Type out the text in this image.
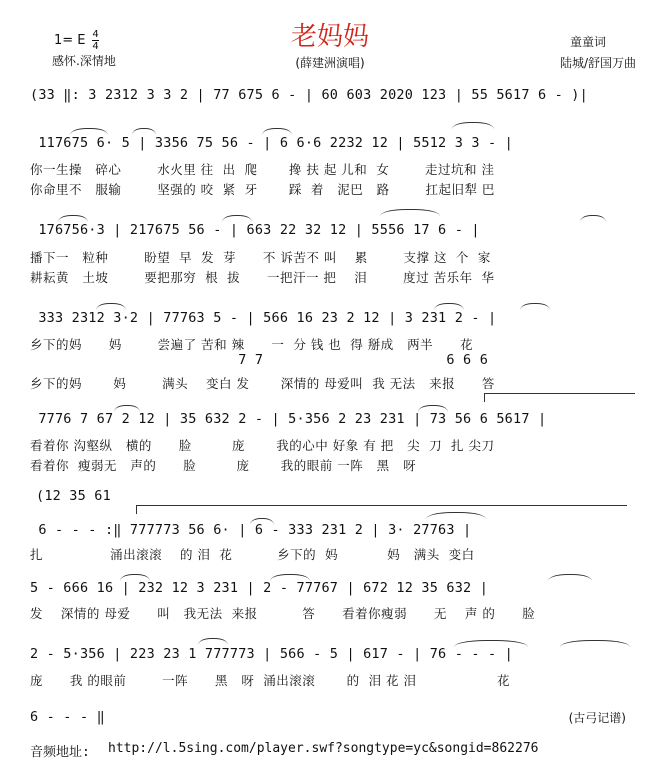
老妈妈
1= E 4
4
感怀.深情地	(薛建洲演唱)
童童词
陆城/舒国万曲
(33 ‖: 3 2312 3 3 2 | 77 675 6 - | 60 603 2020 123 | 55 5617 6 - )|
117675 6· 5 | 3356 75 56 - | 6 6·6 2232 12 | 5512 3 3 - |
你一生操   碎心        水火里 往  出  爬       搀 扶 起 儿和  女        走过坑和 洼
你命里不   服输        坚强的 咬  紧  牙       踩  着   泥巴   路        扛起旧犁 巴
176756·3 | 217675 56 - | 663 22 32 12 | 5556 17 6 - |
播下一   粒种        盼望  早  发  芽      不 诉苦不 叫    累        支撑 这  个  家
耕耘黄   土坡        要把那穷  根  拔      一把汗一 把    泪        度过 苦乐年  华
333 2312 3·2 | 77763 5 - | 566 16 23 2 12 | 3 231 2 - |
乡下的妈      妈        尝遍了 苦和 辣      一  分 钱 也  得 掰成   两半      花
7 7                      6 6 6
乡下的妈       妈        满头    变白 发       深情的 母爱叫  我 无法   来报      答
7776 7 67 2 12 | 35 632 2 - | 5·356 2 23 231 | 73 56 6 5617 |
看着你 沟壑纵   横的      脸         庞       我的心中 好象 有 把   尖  刀  扎 尖刀
看着你  瘦弱无   声的      脸         庞       我的眼前 一阵   黑   呀
(12 35 61
6 - - - :‖ 777773 56 6· | 6 - 333 231 2 | 3· 27763 |
扎               涌出滚滚    的 泪  花          乡下的  妈           妈   满头  变白
5 - 666 16 | 232 12 3 231 | 2 - 77767 | 672 12 35 632 |
发    深情的 母爱      叫   我无法  来报          答      看着你瘦弱      无    声 的      脸
2 - 5·356 | 223 23 1 777773 | 566 - 5 | 617 - | 76 - - - |
庞      我 的眼前        一阵      黑   呀  涌出滚滚       的  泪 花 泪                  花
6 - - - ‖	(古弓记谱)
音频地址: http://l.5sing.com/player.swf?songtype=yc&songid=862276
